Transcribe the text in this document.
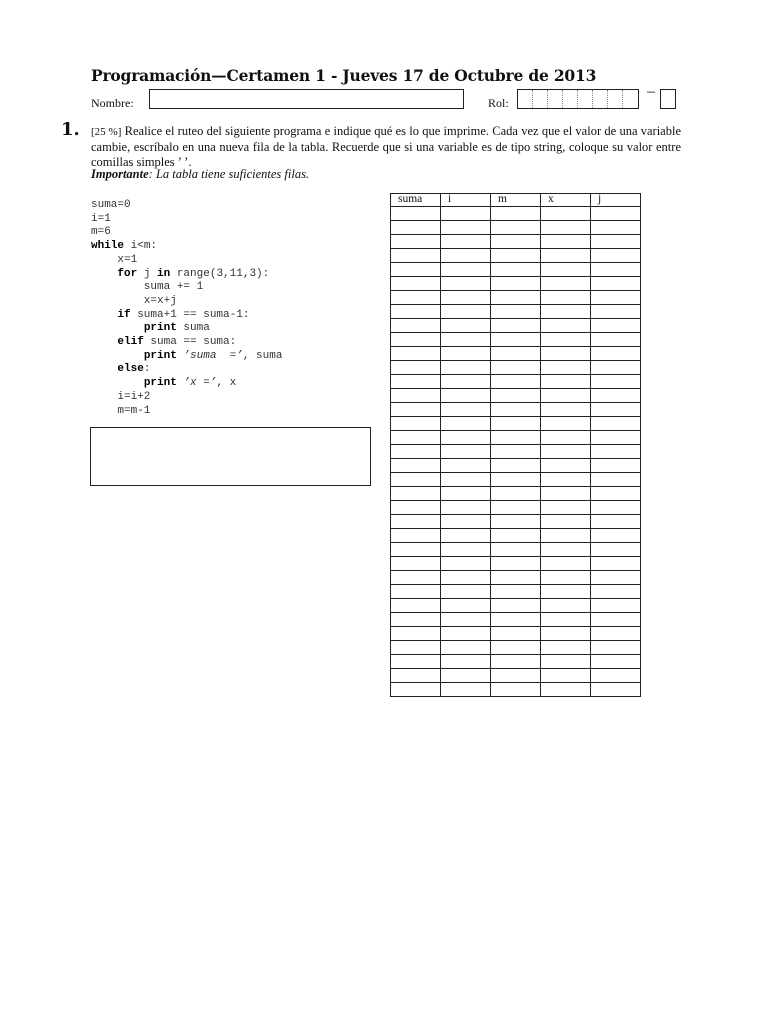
Programación—Certamen 1 - Jueves 17 de Octubre de 2013
Nombre:	Rol:
–
1. [25 %] Realice el ruteo del siguiente programa e indique qué es lo que imprime. Cada vez que el valor de una variable cambie, escríbalo en una nueva fila de la tabla. Recuerde que si una variable es de tipo string, coloque su valor entre comillas simples ’ ’.
Importante: La tabla tiene suficientes filas.
suma=0
i=1
m=6
while i<m:
x=1
for j in range(3,11,3):
suma += 1
x=x+j
if suma+1 == suma-1:
print suma
elif suma == suma:
print ’suma  =’, suma
else:
print ’x =’, x
i=i+2
m=m-1
suma	i	m	x	j
